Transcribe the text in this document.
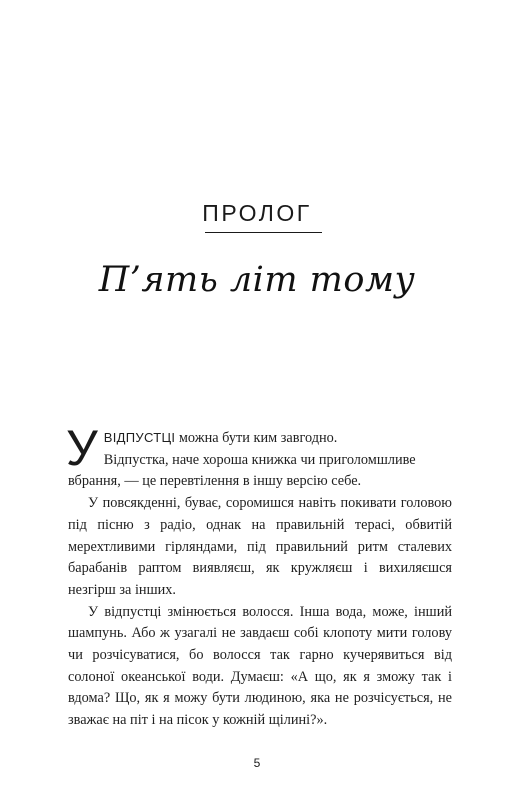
ПРОЛОГ
П’ять літ тому
У ВІДПУСТЦІ можна бути ким завгодно.
Відпустка, наче хороша книжка чи приголомшливе

вбрання, — це перевтілення в іншу версію себе.

У повсякденні, буває, соромишся навіть покивати головою під пісню з радіо, однак на правильній терасі, обвитій мерехтливими гірляндами, під правильний ритм сталевих барабанів раптом виявляєш, як кружляєш і вихиляєшся незгірш за інших.

У відпустці змінюється волосся. Інша вода, може, інший шампунь. Або ж узагалі не завдаєш собі клопоту мити голову чи розчісуватися, бо волосся так гарно кучерявиться від солоної океанської води. Думаєш: «А що, як я зможу так і вдома? Що, як я можу бути людиною, яка не розчісується, не зважає на піт і на пісок у кожній щілині?».

5
